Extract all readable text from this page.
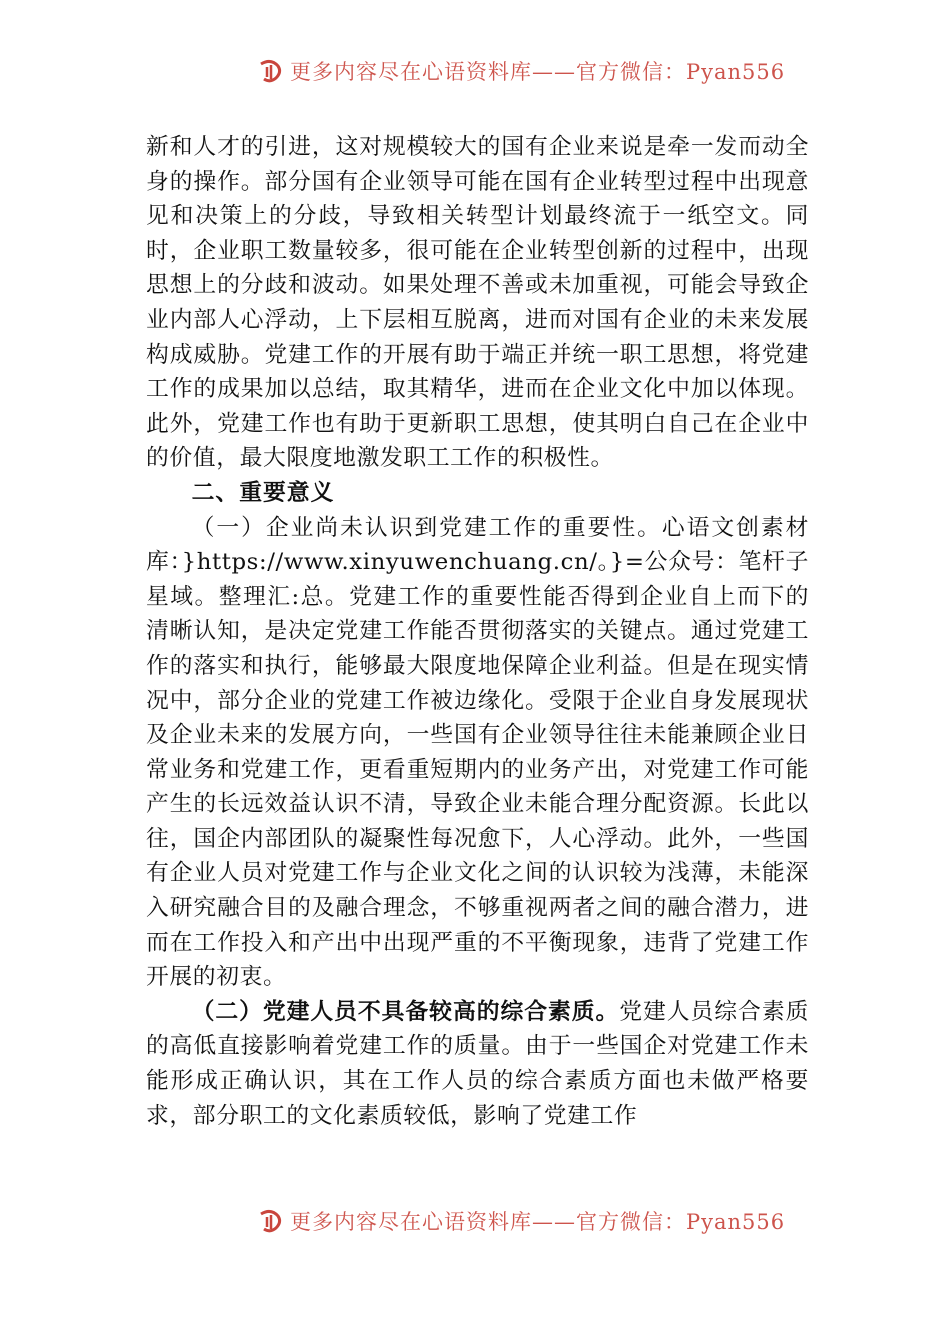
更多内容尽在心语资料库——官方微信：Pyan556

新和人才的引进，这对规模较大的国有企业来说是牵一发而动全身的操作。部分国有企业领导可能在国有企业转型过程中出现意见和决策上的分歧，导致相关转型计划最终流于一纸空文。同时，企业职工数量较多，很可能在企业转型创新的过程中，出现思想上的分歧和波动。如果处理不善或未加重视，可能会导致企业内部人心浮动，上下层相互脱离，进而对国有企业的未来发展构成威胁。党建工作的开展有助于端正并统一职工思想，将党建工作的成果加以总结，取其精华，进而在企业文化中加以体现。此外，党建工作也有助于更新职工思想，使其明白自己在企业中的价值，最大限度地激发职工工作的积极性。

二、重要意义

（一）企业尚未认识到党建工作的重要性。心语文创素材库：}https://www.xinyuwenchuang.cn/。}=公众号：笔杆子星域。整理汇:总。党建工作的重要性能否得到企业自上而下的清晰认知，是决定党建工作能否贯彻落实的关键点。通过党建工作的落实和执行，能够最大限度地保障企业利益。但是在现实情况中，部分企业的党建工作被边缘化。受限于企业自身发展现状及企业未来的发展方向，一些国有企业领导往往未能兼顾企业日常业务和党建工作，更看重短期内的业务产出，对党建工作可能产生的长远效益认识不清，导致企业未能合理分配资源。长此以往，国企内部团队的凝聚性每况愈下，人心浮动。此外，一些国有企业人员对党建工作与企业文化之间的认识较为浅薄，未能深入研究融合目的及融合理念，不够重视两者之间的融合潜力，进而在工作投入和产出中出现严重的不平衡现象，违背了党建工作开展的初衷。

（二）党建人员不具备较高的综合素质。党建人员综合素质的高低直接影响着党建工作的质量。由于一些国企对党建工作未能形成正确认识，其在工作人员的综合素质方面也未做严格要求，部分职工的文化素质较低，影响了党建工作

更多内容尽在心语资料库——官方微信：Pyan556
